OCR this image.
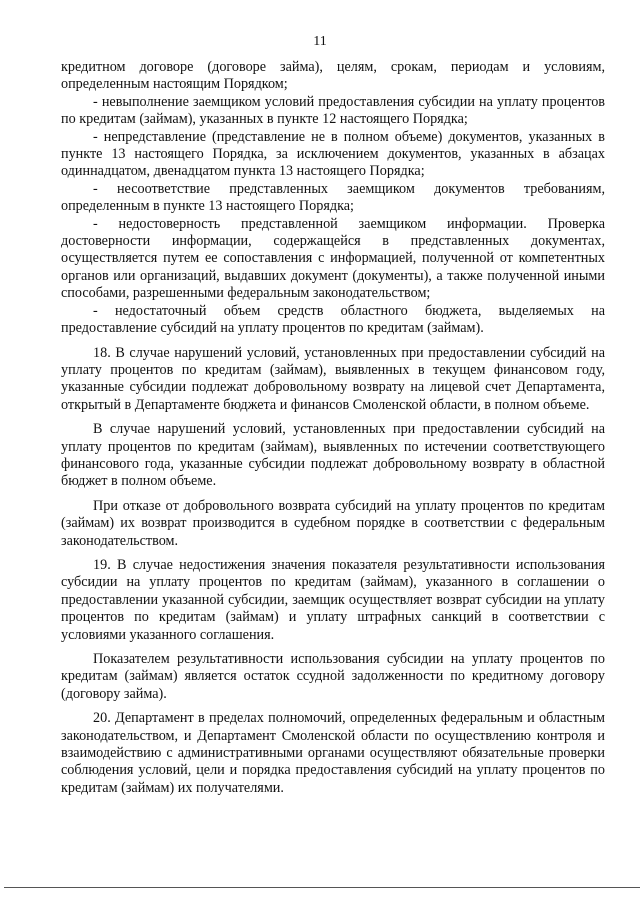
11

кредитном договоре (договоре займа), целям, срокам, периодам и условиям, определенным настоящим Порядком;

- невыполнение заемщиком условий предоставления субсидии на уплату процентов по кредитам (займам), указанных в пункте 12 настоящего Порядка;

- непредставление (представление не в полном объеме) документов, указанных в пункте 13 настоящего Порядка, за исключением документов, указанных в абзацах одиннадцатом, двенадцатом пункта 13 настоящего Порядка;

- несоответствие представленных заемщиком документов требованиям, определенным в пункте 13 настоящего Порядка;

- недостоверность представленной заемщиком информации. Проверка достоверности информации, содержащейся в представленных документах, осуществляется путем ее сопоставления с информацией, полученной от компетентных органов или организаций, выдавших документ (документы), а также полученной иными способами, разрешенными федеральным законодательством;

- недостаточный объем средств областного бюджета, выделяемых на предоставление субсидий на уплату процентов по кредитам (займам).

18. В случае нарушений условий, установленных при предоставлении субсидий на уплату процентов по кредитам (займам), выявленных в текущем финансовом году, указанные субсидии подлежат добровольному возврату на лицевой счет Департамента, открытый в Департаменте бюджета и финансов Смоленской области, в полном объеме.

В случае нарушений условий, установленных при предоставлении субсидий на уплату процентов по кредитам (займам), выявленных по истечении соответствующего финансового года, указанные субсидии подлежат добровольному возврату в областной бюджет в полном объеме.

При отказе от добровольного возврата субсидий на уплату процентов по кредитам (займам) их возврат производится в судебном порядке в соответствии с федеральным законодательством.

19. В случае недостижения значения показателя результативности использования субсидии на уплату процентов по кредитам (займам), указанного в соглашении о предоставлении указанной субсидии, заемщик осуществляет возврат субсидии на уплату процентов по кредитам (займам) и уплату штрафных санкций в соответствии с условиями указанного соглашения.

Показателем результативности использования субсидии на уплату процентов по кредитам (займам) является остаток ссудной задолженности по кредитному договору (договору займа).

20. Департамент в пределах полномочий, определенных федеральным и областным законодательством, и Департамент Смоленской области по осуществлению контроля и взаимодействию с административными органами осуществляют обязательные проверки соблюдения условий, цели и порядка предоставления субсидий на уплату процентов по кредитам (займам) их получателями.
